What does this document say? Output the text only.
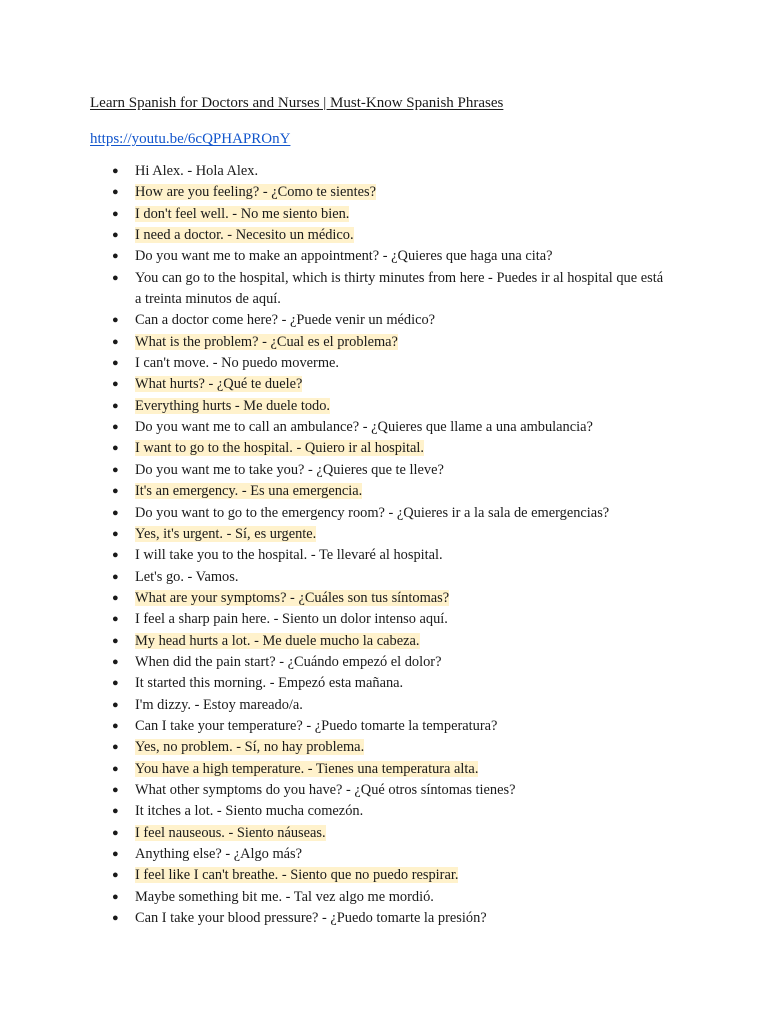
Learn Spanish for Doctors and Nurses | Must-Know Spanish Phrases
https://youtu.be/6cQPHAPROnY
● Hi Alex. - Hola Alex.
● How are you feeling? - ¿Como te sientes?
● I don't feel well. - No me siento bien.
● I need a doctor. - Necesito un médico.
● Do you want me to make an appointment? - ¿Quieres que haga una cita?
● You can go to the hospital, which is thirty minutes from here - Puedes ir al hospital que está a treinta minutos de aquí.
● Can a doctor come here? - ¿Puede venir un médico?
● What is the problem? - ¿Cual es el problema?
● I can't move. - No puedo moverme.
● What hurts? - ¿Qué te duele?
● Everything hurts - Me duele todo.
● Do you want me to call an ambulance? - ¿Quieres que llame a una ambulancia?
● I want to go to the hospital. - Quiero ir al hospital.
● Do you want me to take you? - ¿Quieres que te lleve?
● It's an emergency. - Es una emergencia.
● Do you want to go to the emergency room? - ¿Quieres ir a la sala de emergencias?
● Yes, it's urgent. - Sí, es urgente.
● I will take you to the hospital. - Te llevaré al hospital.
● Let's go. - Vamos.
● What are your symptoms? - ¿Cuáles son tus síntomas?
● I feel a sharp pain here. - Siento un dolor intenso aquí.
● My head hurts a lot. - Me duele mucho la cabeza.
● When did the pain start? - ¿Cuándo empezó el dolor?
● It started this morning. - Empezó esta mañana.
● I'm dizzy. - Estoy mareado/a.
● Can I take your temperature? - ¿Puedo tomarte la temperatura?
● Yes, no problem. - Sí, no hay problema.
● You have a high temperature. - Tienes una temperatura alta.
● What other symptoms do you have? - ¿Qué otros síntomas tienes?
● It itches a lot. - Siento mucha comezón.
● I feel nauseous. - Siento náuseas.
● Anything else? - ¿Algo más?
● I feel like I can't breathe. - Siento que no puedo respirar.
● Maybe something bit me. - Tal vez algo me mordió.
● Can I take your blood pressure? - ¿Puedo tomarte la presión?
